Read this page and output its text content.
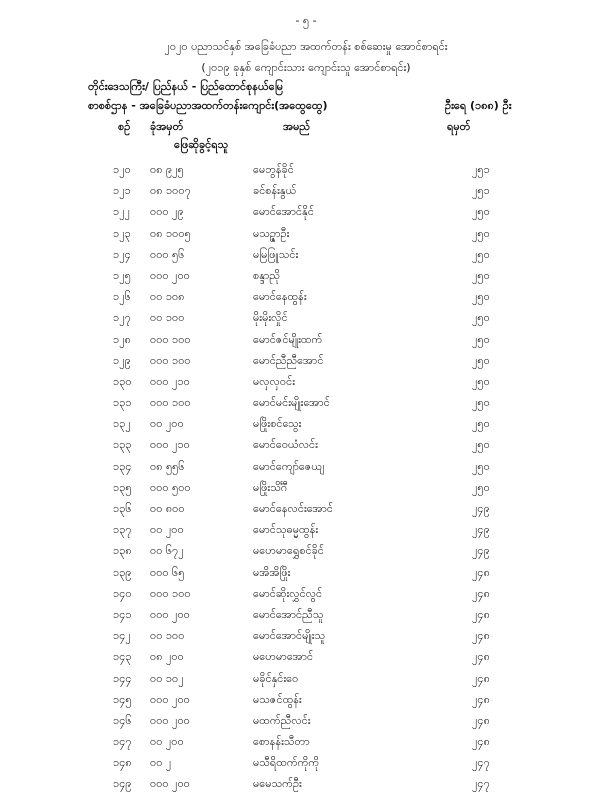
- ၅ -
၂၀၂၀ ပညာသင်နှစ် အခြေခံပညာ အထက်တန်း စစ်ဆေးမှု အောင်စာရင်း
(၂၀၁၉ ခုနှစ် ကျောင်းသား ကျောင်းသူ အောင်စာရင်း)
တိုင်းဒေသကြီး/ ပြည်နယ် - ပြည်ထောင်စုနယ်မြေ
စာစစ်ဌာန - အခြေခံပညာအထက်တန်းကျောင်း(အထွေထွေ)	ဦးရေ (၁၈၈) ဦး
စဉ် ခုံအမှတ်
ဖြေဆိုခွင့်ရသူ
အမည်	ရမှတ်
၁၂၀ ၀၈ ၉၂၅	မေဘွန်ခိုင်	၂၅၁
၁၂၁ ၀၈ ၁၀၀၇	ခင်စန်းနွယ်	၂၅၁
၁၂၂ ၀၀၀ ၂၉	မောင်အောင်နိုင်	၂၅၀
၁၂၃ ၀၈ ၁၀၀၅	မသဉ္ဇာဦး	၂၅၀
၁၂၄ ၀၀၀ ၅၆	မမြဖြူသင်း	၂၅၀
၁၂၅ ၀၀၀ ၂၀၀	စန္ဒာညို	၂၅၀
၁၂၆ ၀၀ ၁၀၈	မောင်နေထွန်း	၂၅၀
၁၂၇ ၀၀ ၁၀၀	မိုးမိုးလှိုင်	၂၅၀
၁၂၈ ၀၀၀ ၁၀၀	မောင်ဇင်မျိုးထက်	၂၅၀
၁၂၉ ၀၀၀ ၁၀၀	မောင်ညီညီအောင်	၂၅၀
၁၃၀ ၀၀၀ ၂၁၀	မလှလှဝင်း	၂၅၀
၁၃၁ ၀၀၀ ၁၀၀	မောင်မင်းမျိုးအောင်	၂၅၀
၁၃၂ ၀၀ ၂၀၀	မဖြိုးစင်သွေး	၂၅၀
၁၃၃ ၀၀၀ ၂၁၀	မောင်ဝေယံလင်း	၂၅၀
၁၃၄ ၀၈ ၅၅၆	မောင်ကျော်ဇေယျ	၂၅၀
၁၃၅ ၀၀၀ ၅၀၀	မဖြိုးသိင်္ဂီ	၂၅၀
၁၃၆ ၀၀ ၈၀၀	မောင်နေလင်းအောင်	၂၄၉
၁၃၇ ၀၀ ၂၀၀	မောင်သုဓမ္မထွန်း	၂၄၉
၁၃၈ ၀၀ ၆၇၂	မဟေမာရွှေစင်ခိုင်	၂၄၉
၁၃၉ ၀၀၀ ၆၅	မအိအိဖြိုး	၂၄၈
၁၄၀ ၀၀၀ ၁၀၀	မောင်ဆိုးလွှင်လွင်	၂၄၈
၁၄၁ ၀၀၀ ၂၀၀	မောင်အောင်ညီသူ	၂၄၈
၁၄၂ ၀၀ ၁၀၀	မောင်အောင်မျိုးသူ	၂၄၈
၁၄၃ ၀၈ ၂၀၀	မဟေမာအောင်	၂၄၈
၁၄၄ ၀၀ ၁၀၂	မခိုင်နှင်းဝေ	၂၄၈
၁၄၅ ၀၀၀ ၂၀၀	မသဇင်ထွန်း	၂၄၈
၁၄၆ ၀၀၀ ၂၀၀	မထက်ညီလင်း	၂၄၈
၁၄၇ ၀၀ ၂၀၀	စောနန်းသီတာ	၂၄၈
၁၄၈ ၀၀ ၂	မသီရိထက်ကိုကို	၂၄၇
၁၄၉ ၀၀၀ ၂၀၀	မမေသက်ဦး	၂၄၇
